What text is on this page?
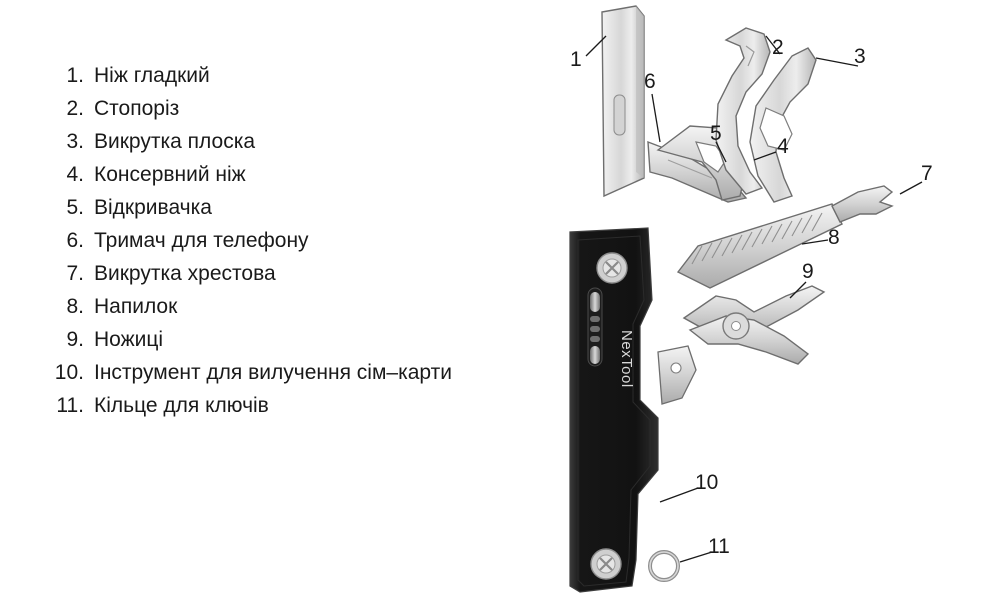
1. Ніж гладкий
2. Стопоріз
3. Викрутка плоска
4. Консервний ніж
5. Відкривачка
6. Тримач для телефону
7. Викрутка хрестова
8. Напилок
9. Ножиці
10. Інструмент для вилучення сім–карти
11. Кільце для ключів
NexTool
1
2	3
4
5
6
7
8
9
10
11
